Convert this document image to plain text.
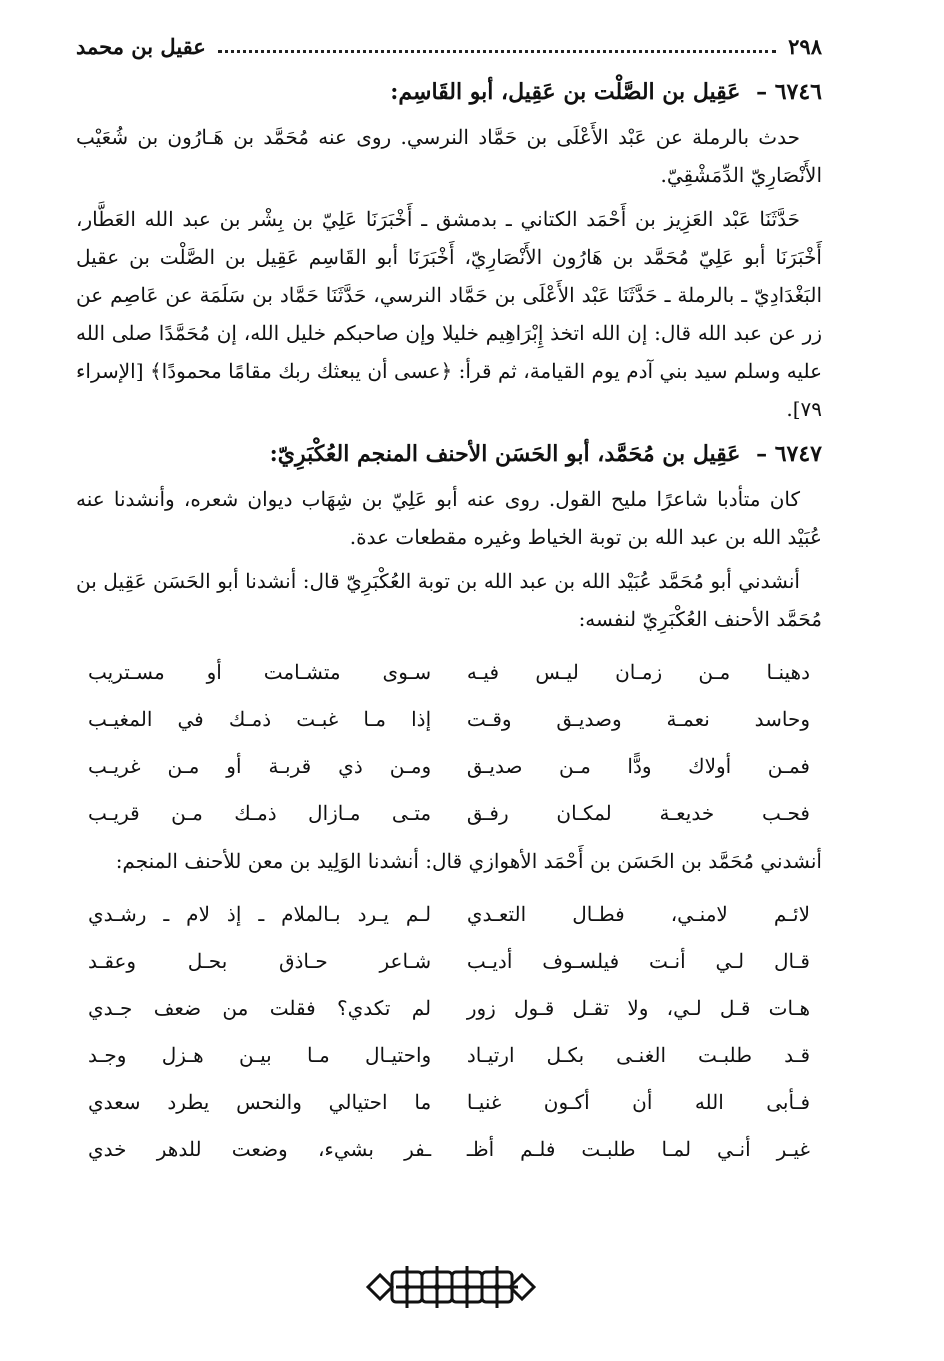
٢٩٨
عقيل بن محمد
٦٧٤٦ – عَقِيل بن الصَّلْت بن عَقِيل، أبو القَاسِم:

حدث بالرملة عن عَبْد الأَعْلَى بن حَمَّاد النرسي. روى عنه مُحَمَّد بن هَـارُون بن شُعَيْب الأَنْصَارِيّ الدِّمَشْقِيّ.

حَدَّثَنَا عَبْد العَزِيز بن أَحْمَد الكتاني ـ بدمشق ـ أَخْبَرَنَا عَلِيّ بن بِشْر بن عبد الله العَطَّار، أَخْبَرَنَا أبو عَلِيّ مُحَمَّد بن هَارُون الأَنْصَارِيّ، أَخْبَرَنَا أبو القَاسِم عَقِيل بن الصَّلْت بن عقيل البَغْدَادِيّ ـ بالرملة ـ حَدَّثَنَا عَبْد الأَعْلَى بن حَمَّاد النرسي، حَدَّثَنَا حَمَّاد بن سَلَمَة عن عَاصِم عن زر عن عبد الله قال: إن الله اتخذ إِبْرَاهِيم خليلا وإن صاحبكم خليل الله، إن مُحَمَّدًا صلى الله عليه وسلم سيد بني آدم يوم القيامة، ثم قرأ: ﴿عسى أن يبعثك ربك مقامًا محمودًا﴾ [الإسراء ٧٩].

٦٧٤٧ – عَقِيل بن مُحَمَّد، أبو الحَسَن الأحنف المنجم العُكْبَرِيّ:

كان متأدبا شاعرًا مليح القول. روى عنه أبو عَلِيّ بن شِهَاب ديوان شعره، وأنشدنا عنه عُبَيْد الله بن عبد الله بن توبة الخياط وغيره مقطعات عدة.

أنشدني أبو مُحَمَّد عُبَيْد الله بن عبد الله بن توبة العُكْبَرِيّ قال: أنشدنا أبو الحَسَن عَقِيل بن مُحَمَّد الأحنف العُكْبَرِيّ لنفسه:

دهينـا مـن زمـان ليـس فيـه
سـوى متشـامت أو مسـتريب
وحاسد نعمـة وصديـق وقـت
إذا مـا غبـت ذمـك في المغيـب
فمـن أولاك ودًّا مـن صديـق
ومـن ذي قربـة أو مـن غريـب
فحـب خديعـة لمكـان رفـق
متـى مـازال ذمـك مـن قريـب

أنشدني مُحَمَّد بن الحَسَن بن أَحْمَد الأهوازي قال: أنشدنا الوَلِيد بن معن للأحنف المنجم:

لائـم لامنـي، فطـال التعـدي
لـم يـرد بـالملام ـ إذ لام ـ رشـدي
قـال لـي أنـت فيلسـوف أديـب
شـاعر حـاذق بحـل وعقـد
هـات قـل لـي، ولا تقـل قـول زور
لم تكدي؟ فقلت من ضعف جـدي
قـد طلبـت الغنـى بكـل ارتيـاد
واحتيـال مـا بيـن هـزل وجـد
فـأبى الله أن أكـون غنيـا
ما احتيالي والنحس يطرد سعدي
غيـر أنـي لمـا طلبـت فلـم أظـ
ـفر بشيء، وضعت للدهر خدي
